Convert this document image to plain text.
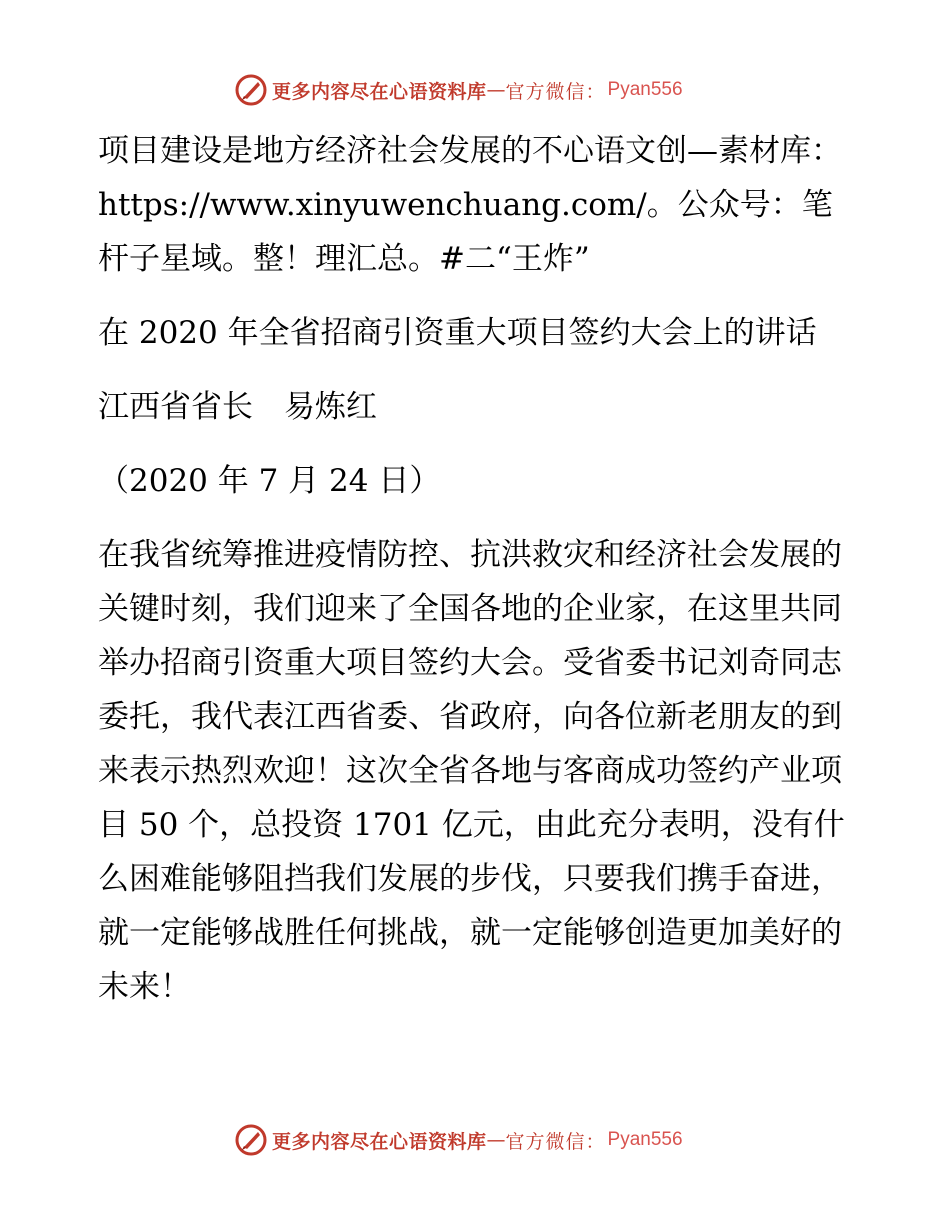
更多内容尽在心语资料库 — 官方微信： Pyan556

项目建设是地方经济社会发展的不心语文创—素材库：https://www.xinyuwenchuang.com/。公众号：笔杆子星域。整！理汇总。#二“王炸”

在 2020 年全省招商引资重大项目签约大会上的讲话

江西省省长　易炼红

（2020 年 7 月 24 日）

在我省统筹推进疫情防控、抗洪救灾和经济社会发展的关键时刻，我们迎来了全国各地的企业家，在这里共同举办招商引资重大项目签约大会。受省委书记刘奇同志委托，我代表江西省委、省政府，向各位新老朋友的到来表示热烈欢迎！这次全省各地与客商成功签约产业项目 50 个，总投资 1701 亿元，由此充分表明，没有什么困难能够阻挡我们发展的步伐，只要我们携手奋进，就一定能够战胜任何挑战，就一定能够创造更加美好的未来！

更多内容尽在心语资料库 — 官方微信： Pyan556
